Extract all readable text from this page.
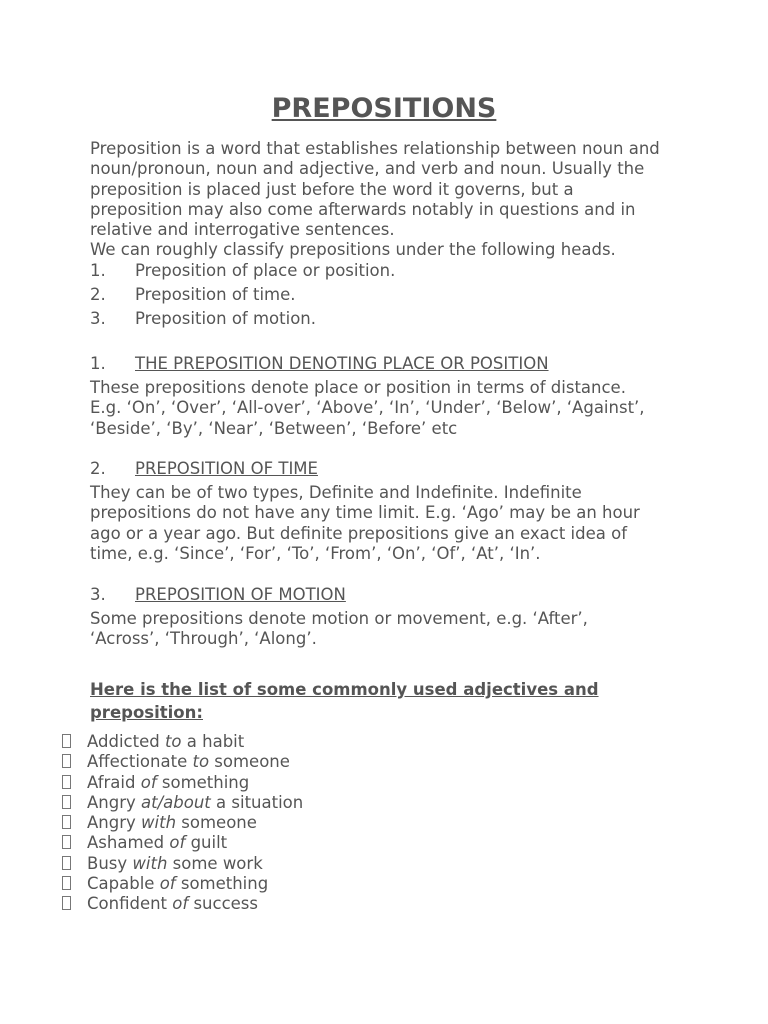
PREPOSITIONS

Preposition is a word that establishes relationship between noun and

noun/pronoun, noun and adjective, and verb and noun. Usually the

preposition is placed just before the word it governs, but a

preposition may also come afterwards notably in questions and in

relative and interrogative sentences.

We can roughly classify prepositions under the following heads.

1. Preposition of place or position.
2. Preposition of time.
3. Preposition of motion.
1. THE PREPOSITION DENOTING PLACE OR POSITION

These prepositions denote place or position in terms of distance.

E.g. ‘On’, ‘Over’, ‘All-over’, ‘Above’, ‘In’, ‘Under’, ‘Below’, ‘Against’,

‘Beside’, ‘By’, ‘Near’, ‘Between’, ‘Before’ etc

2. PREPOSITION OF TIME

They can be of two types, Definite and Indefinite. Indefinite

prepositions do not have any time limit. E.g. ‘Ago’ may be an hour

ago or a year ago. But definite prepositions give an exact idea of

time, e.g. ‘Since’, ‘For’, ‘To’, ‘From’, ‘On’, ‘Of’, ‘At’, ‘In’.

3. PREPOSITION OF MOTION

Some prepositions denote motion or movement, e.g. ‘After’,

‘Across’, ‘Through’, ‘Along’.

Here is the list of some commonly used adjectives and
preposition:
Addicted to a habit
Affectionate to someone
Afraid of something
Angry at/about a situation
Angry with someone
Ashamed of guilt
Busy with some work
Capable of something
Confident of success
